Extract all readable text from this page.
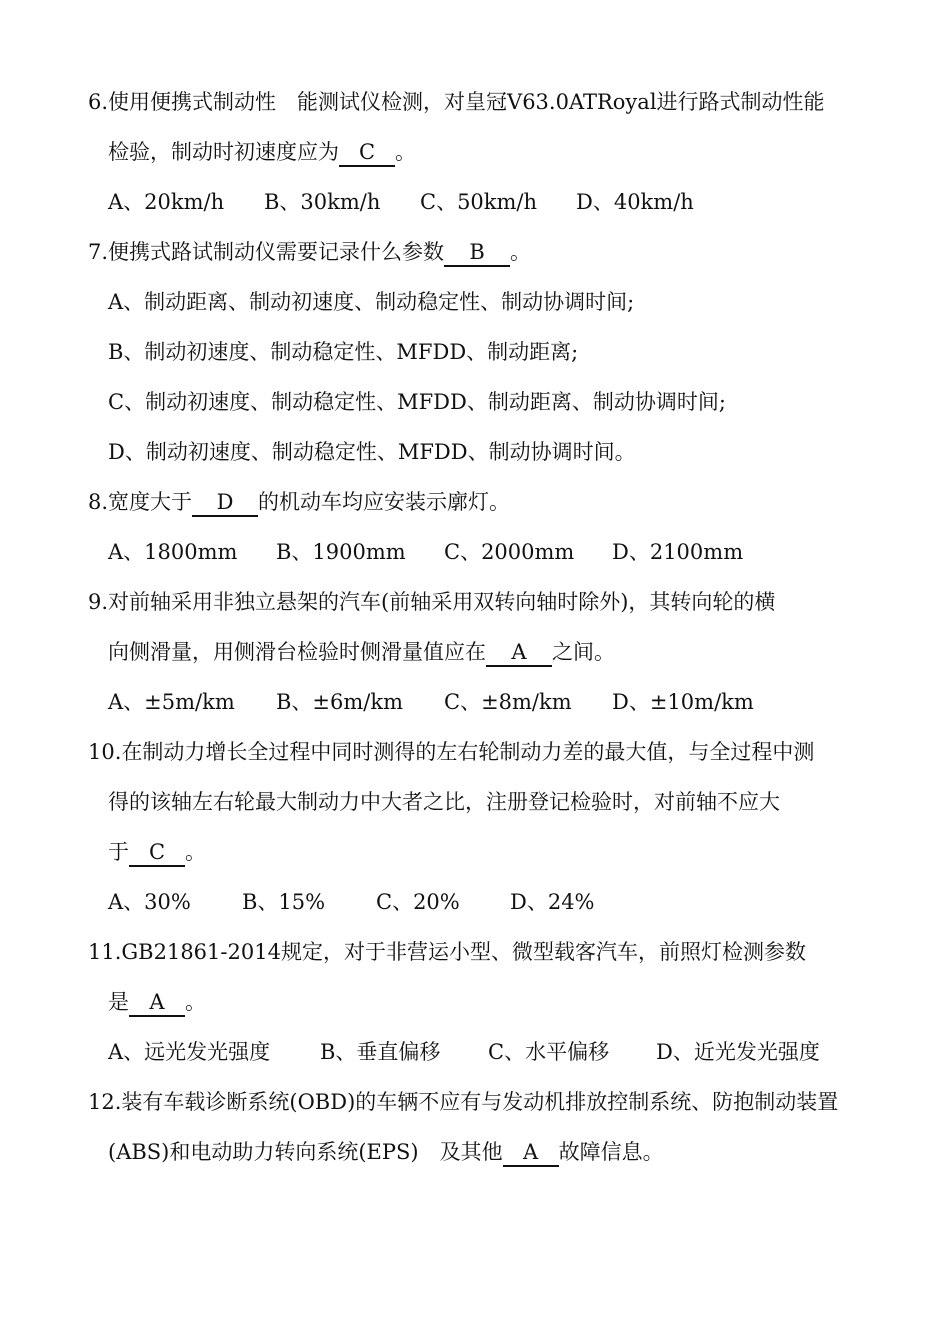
6.使用便携式制动性　能测试仪检测，对皇冠V63.0ATRoyal进行路式制动性能
检验，制动时初速度应为 C 。
A、20km/h B、30km/h C、50km/h D、40km/h
7.便携式路试制动仪需要记录什么参数 B 。
A、制动距离、制动初速度、制动稳定性、制动协调时间;
B、制动初速度、制动稳定性、MFDD、制动距离;
C、制动初速度、制动稳定性、MFDD、制动距离、制动协调时间;
D、制动初速度、制动稳定性、MFDD、制动协调时间。
8.宽度大于 D 的机动车均应安装示廓灯。
A、1800mm B、1900mm C、2000mm D、2100mm
9.对前轴采用非独立悬架的汽车(前轴采用双转向轴时除外)，其转向轮的横
向侧滑量，用侧滑台检验时侧滑量值应在 A 之间。
A、±5m/km B、±6m/km C、±8m/km D、±10m/km
10.在制动力增长全过程中同时测得的左右轮制动力差的最大值，与全过程中测
得的该轴左右轮最大制动力中大者之比，注册登记检验时，对前轴不应大
于 C 。
A、30% B、15% C、20% D、24%
11.GB21861-2014规定，对于非营运小型、微型载客汽车，前照灯检测参数
是 A 。
A、远光发光强度 B、垂直偏移 C、水平偏移 D、近光发光强度
12.装有车载诊断系统(OBD)的车辆不应有与发动机排放控制系统、防抱制动装置
(ABS)和电动助力转向系统(EPS)　及其他 A 故障信息。
